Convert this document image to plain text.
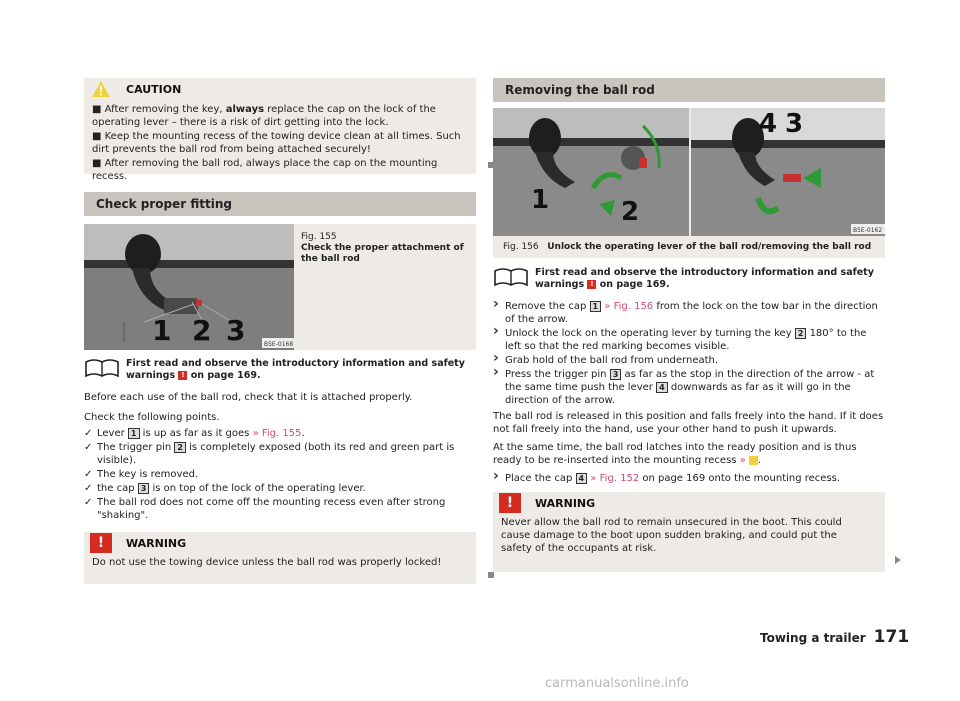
CAUTION

■ After removing the key, always replace the cap on the lock of the operating lever – there is a risk of dirt getting into the lock.

■ Keep the mounting recess of the towing device clean at all times. Such dirt prevents the ball rod from being attached securely!

■ After removing the ball rod, always place the cap on the mounting recess.

Check proper fitting
1 2 3	B5E-0168
Fig. 155
Check the proper attachment of the ball rod

First read and observe the introductory information and safety warnings ! on page 169.

Before each use of the ball rod, check that it is attached properly.

Check the following points.

✓ Lever 1 is up as far as it goes » Fig. 155.
✓ The trigger pin 2 is completely exposed (both its red and green part is visible).
✓ The key is removed.
✓ the cap 3 is on top of the lock of the operating lever.
✓ The ball rod does not come off the mounting recess even after strong "shaking".
!	WARNING

Do not use the towing device unless the ball rod was properly locked!

Removing the ball rod
1	2
4 3
B5E-0162
Fig. 156 Unlock the operating lever of the ball rod/removing the ball rod

First read and observe the introductory information and safety warnings ! on page 169.

› Remove the cap 1 » Fig. 156 from the lock on the tow bar in the direction of the arrow.
› Unlock the lock on the operating lever by turning the key 2 180° to the left so that the red marking becomes visible.
› Grab hold of the ball rod from underneath.
› Press the trigger pin 3 as far as the stop in the direction of the arrow - at the same time push the lever 4 downwards as far as it will go in the direction of the arrow.

The ball rod is released in this position and falls freely into the hand. If it does not fall freely into the hand, use your other hand to push it upwards.

At the same time, the ball rod latches into the ready position and is thus ready to be re-inserted into the mounting recess » .

› Place the cap 4 » Fig. 152 on page 169 onto the mounting recess.
!	WARNING

Never allow the ball rod to remain unsecured in the boot. This could cause damage to the boot upon sudden braking, and could put the safety of the occupants at risk.

Towing a trailer 171
carmanualsonline.info
